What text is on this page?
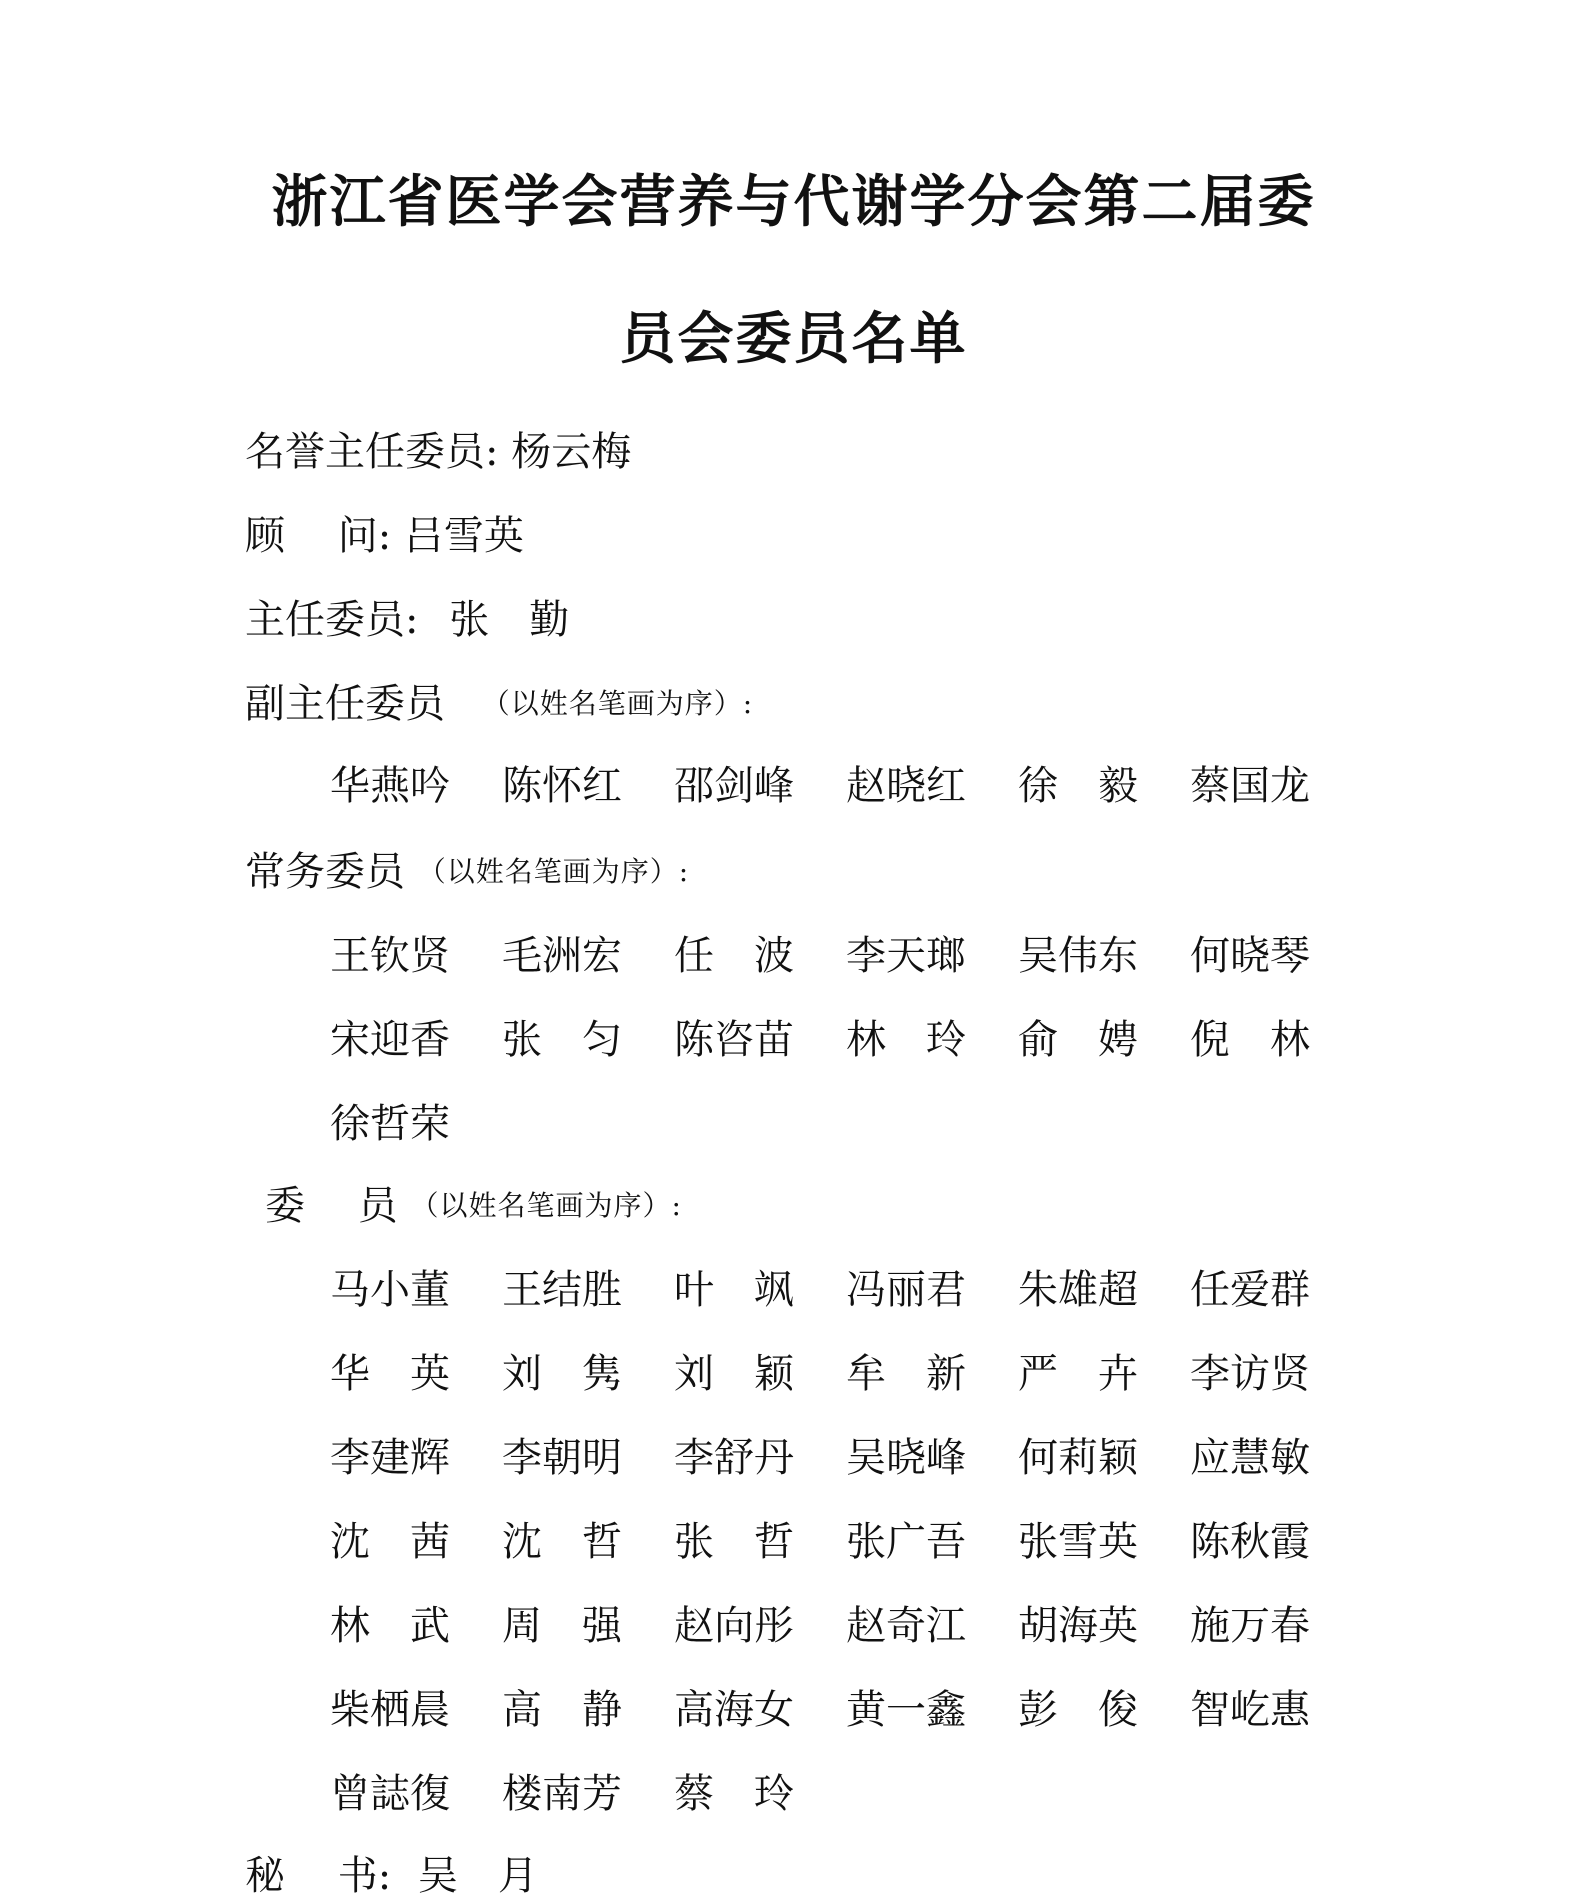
浙江省医学会营养与代谢学分会第二届委
员会委员名单
名誉主任委员: 杨云梅
顾　 问: 吕雪英
主任委员: 张　勤
副主任委员 （以姓名笔画为序）:
华燕吟 陈怀红 邵剑峰 赵晓红 徐　毅 蔡国龙
常务委员 （以姓名笔画为序）:
王钦贤 毛洲宏 任　波 李天瑯 吴伟东 何晓琴
宋迎香 张　匀 陈咨苗 林　玲 俞　娉 倪　林
徐哲荣
委　 员 （以姓名笔画为序）:
马小董 王结胜 叶　飒 冯丽君 朱雄超 任爱群
华　英 刘　隽 刘　颖 牟　新 严　卉 李访贤
李建辉 李朝明 李舒丹 吴晓峰 何莉颖 应慧敏
沈　茜 沈　哲 张　哲 张广吾 张雪英 陈秋霞
林　武 周　强 赵向彤 赵奇江 胡海英 施万春
柴栖晨 高　静 高海女 黄一鑫 彭　俊 智屹惠
曾誌復 楼南芳 蔡　玲
秘　 书: 吴　月
